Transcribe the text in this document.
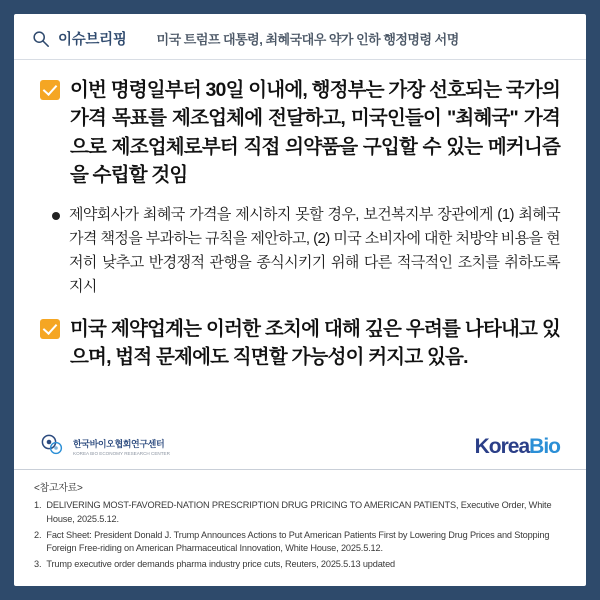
이슈브리핑 미국 트럼프 대통령, 최혜국대우 약가 인하 행정명령 서명
이번 명령일부터 30일 이내에, 행정부는 가장 선호되는 국가의 가격 목표를 제조업체에 전달하고, 미국인들이 "최혜국" 가격으로 제조업체로부터 직접 의약품을 구입할 수 있는 메커니즘을 수립할 것임
제약회사가 최혜국 가격을 제시하지 못할 경우, 보건복지부 장관에게 (1) 최혜국 가격 책정을 부과하는 규칙을 제안하고, (2) 미국 소비자에 대한 처방약 비용을 현저히 낮추고 반경쟁적 관행을 종식시키기 위해 다른 적극적인 조치를 취하도록 지시
미국 제약업계는 이러한 조치에 대해 깊은 우려를 나타내고 있으며, 법적 문제에도 직면할 가능성이 커지고 있음.
한국바이오협회연구센터
KOREA BIO ECONOMY RESEARCH CENTER	KoreaBio
<참고자료>
1. DELIVERING MOST-FAVORED-NATION PRESCRIPTION DRUG PRICING TO AMERICAN PATIENTS, Executive Order, White House, 2025.5.12.
2. Fact Sheet: President Donald J. Trump Announces Actions to Put American Patients First by Lowering Drug Prices and Stopping Foreign Free-riding on American Pharmaceutical Innovation, White House, 2025.5.12.
3. Trump executive order demands pharma industry price cuts, Reuters, 2025.5.13 updated
